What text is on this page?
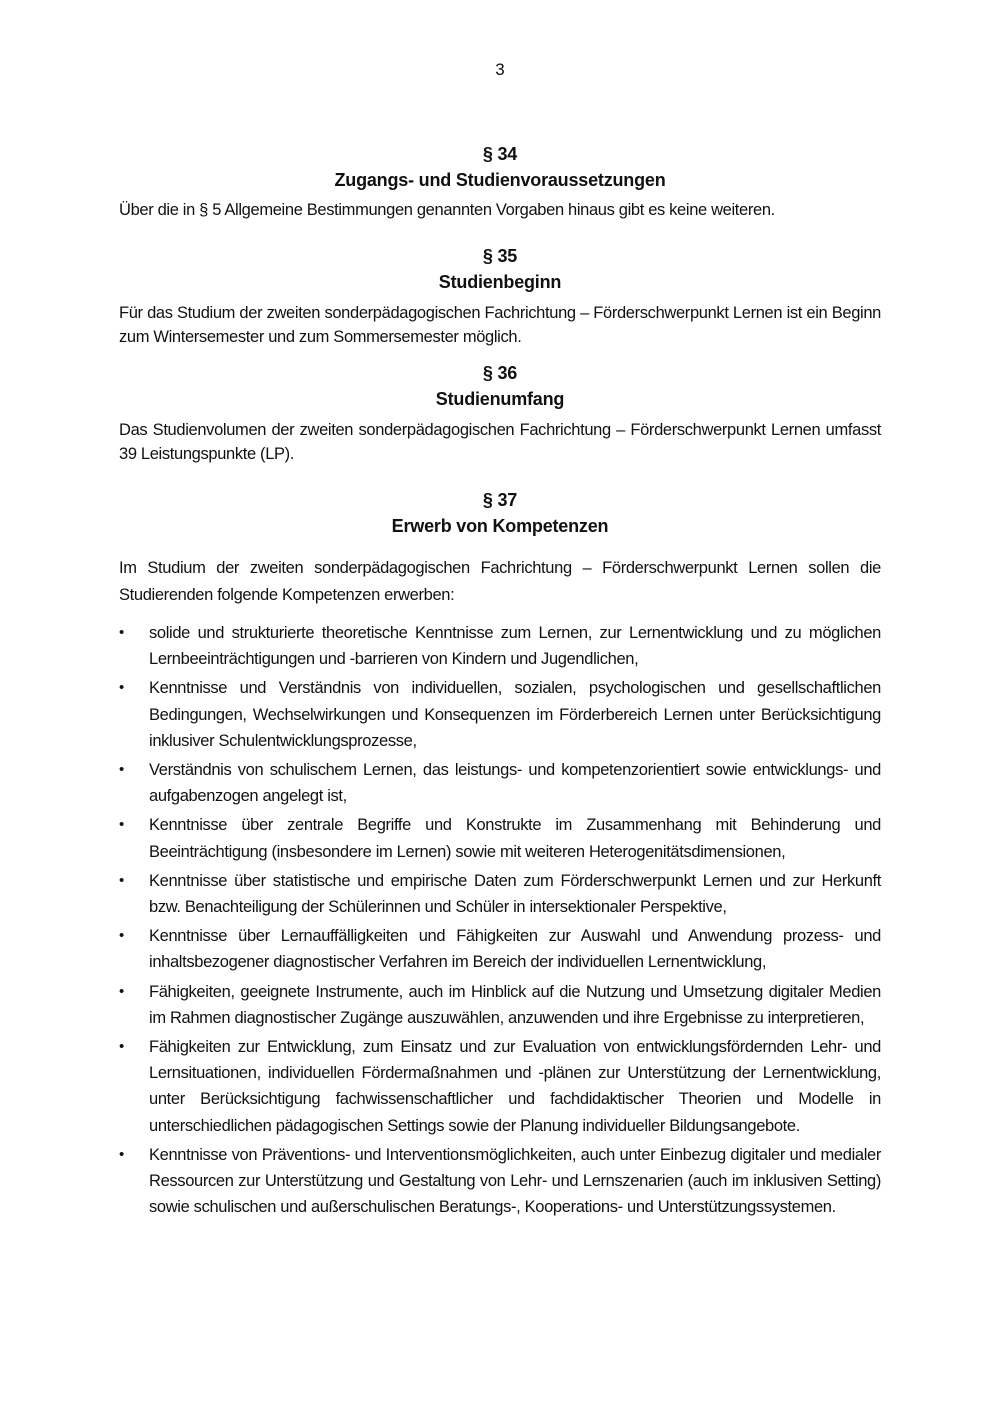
3
§ 34
Zugangs- und Studienvoraussetzungen
Über die in § 5 Allgemeine Bestimmungen genannten Vorgaben hinaus gibt es keine weiteren.
§ 35
Studienbeginn
Für das Studium der zweiten sonderpädagogischen Fachrichtung – Förderschwerpunkt Lernen ist ein Beginn zum Wintersemester und zum Sommersemester möglich.
§ 36
Studienumfang
Das Studienvolumen der zweiten sonderpädagogischen Fachrichtung – Förderschwerpunkt Lernen umfasst 39 Leistungspunkte (LP).
§ 37
Erwerb von Kompetenzen
Im Studium der zweiten sonderpädagogischen Fachrichtung – Förderschwerpunkt Lernen sollen die Studierenden folgende Kompetenzen erwerben:
•	solide und strukturierte theoretische Kenntnisse zum Lernen, zur Lernentwicklung und zu möglichen Lernbeeinträchtigungen und -barrieren von Kindern und Jugendlichen,
•	Kenntnisse und Verständnis von individuellen, sozialen, psychologischen und gesellschaftlichen Bedingungen, Wechselwirkungen und Konsequenzen im Förderbereich Lernen unter Berücksichtigung inklusiver Schulentwicklungsprozesse,
•	Verständnis von schulischem Lernen, das leistungs- und kompetenzorientiert sowie entwicklungs- und aufgabenzogen angelegt ist,
•	Kenntnisse über zentrale Begriffe und Konstrukte im Zusammenhang mit Behinderung und Beeinträchtigung (insbesondere im Lernen) sowie mit weiteren Heterogenitätsdimensionen,
•	Kenntnisse über statistische und empirische Daten zum Förderschwerpunkt Lernen und zur Herkunft bzw. Benachteiligung der Schülerinnen und Schüler in intersektionaler Perspektive,
•	Kenntnisse über Lernauffälligkeiten und Fähigkeiten zur Auswahl und Anwendung prozess- und inhaltsbezogener diagnostischer Verfahren im Bereich der individuellen Lernentwicklung,
•	Fähigkeiten, geeignete Instrumente, auch im Hinblick auf die Nutzung und Umsetzung digitaler Medien im Rahmen diagnostischer Zugänge auszuwählen, anzuwenden und ihre Ergebnisse zu interpretieren,
•	Fähigkeiten zur Entwicklung, zum Einsatz und zur Evaluation von entwicklungsfördernden Lehr- und Lernsituationen, individuellen Fördermaßnahmen und -plänen zur Unterstützung der Lernentwicklung, unter Berücksichtigung fachwissenschaftlicher und fachdidaktischer Theorien und Modelle in unterschiedlichen pädagogischen Settings sowie der Planung individueller Bildungsangebote.
•	Kenntnisse von Präventions- und Interventionsmöglichkeiten, auch unter Einbezug digitaler und medialer Ressourcen zur Unterstützung und Gestaltung von Lehr- und Lernszenarien (auch im inklusiven Setting) sowie schulischen und außerschulischen Beratungs-, Kooperations- und Unterstützungssystemen.
